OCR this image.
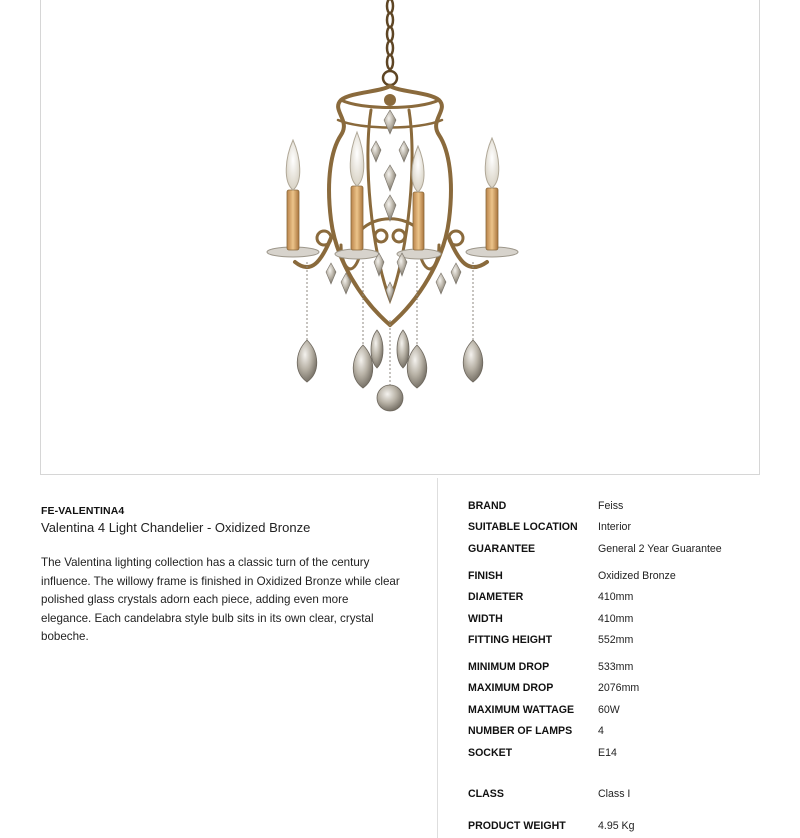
FE-VALENTINA4
Valentina 4 Light Chandelier - Oxidized Bronze

The Valentina lighting collection has a classic turn of the century influence. The willowy frame is finished in Oxidized Bronze while clear polished glass crystals adorn each piece, adding even more elegance. Each candelabra style bulb sits in its own clear, crystal bobeche.

BRAND	Feiss
SUITABLE LOCATION Interior
GUARANTEE	General 2 Year Guarantee
FINISH	Oxidized Bronze
DIAMETER	410mm
WIDTH	410mm
FITTING HEIGHT	552mm
MINIMUM DROP	533mm
MAXIMUM DROP	2076mm
MAXIMUM WATTAGE 60W
NUMBER OF LAMPS 4
SOCKET	E14
CLASS	Class I
PRODUCT WEIGHT	4.95 Kg
